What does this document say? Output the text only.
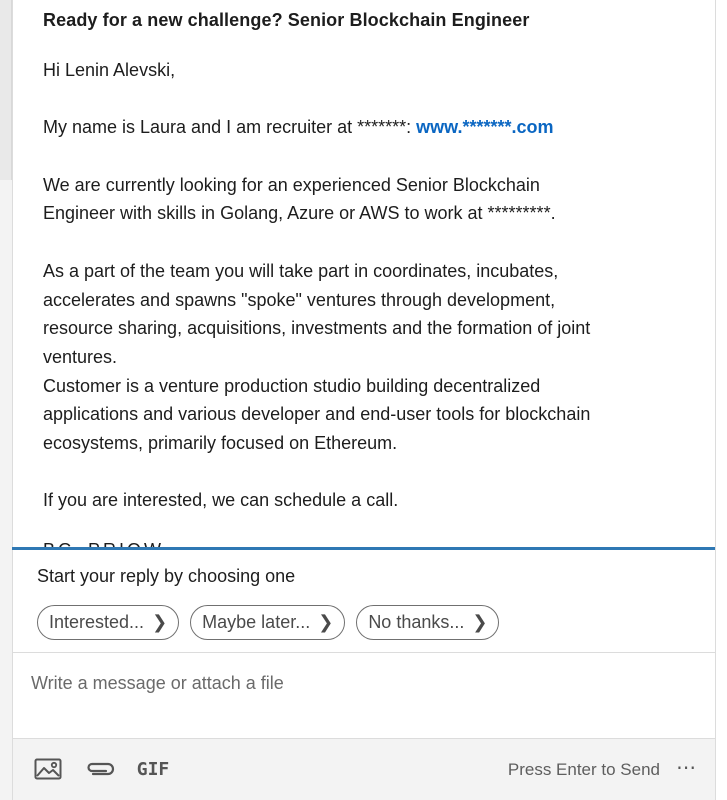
Ready for a new challenge? Senior Blockchain Engineer

Hi Lenin Alevski,

My name is Laura and I am recruiter at *******: www.*******.com

We are currently looking for an experienced Senior Blockchain

Engineer with skills in Golang, Azure or AWS to work at *********.

As a part of the team you will take part in coordinates, incubates,

accelerates and spawns "spoke" ventures through development,

resource sharing, acquisitions, investments and the formation of joint

ventures.

Customer is a venture production studio building decentralized

applications and various developer and end-user tools for blockchain

ecosystems, primarily focused on Ethereum.

If you are interested, we can schedule a call.

Start your reply by choosing one
Interested... ❯ Maybe later... ❯ No thanks... ❯
Write a message or attach a file
GIF	Press Enter to Send ⋯
